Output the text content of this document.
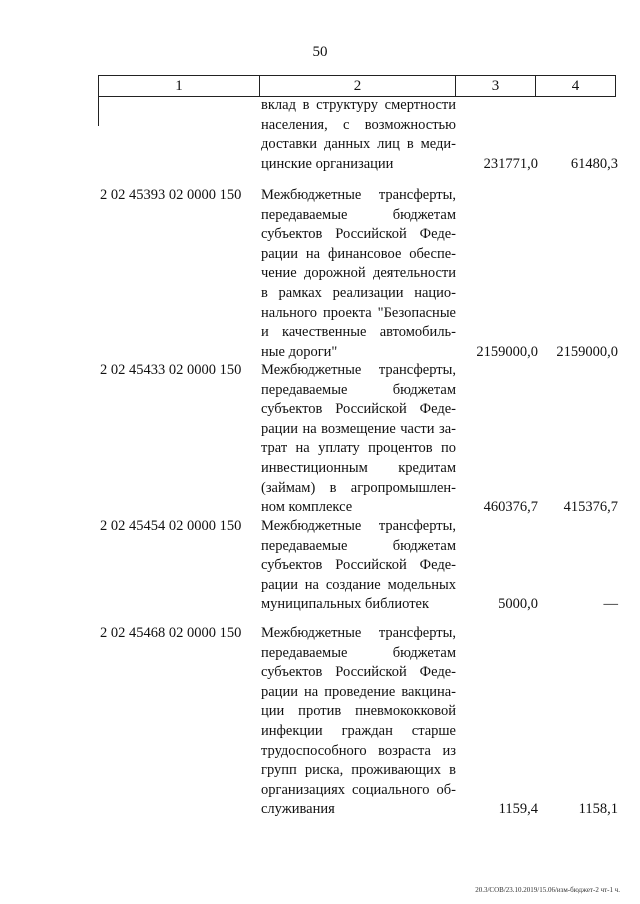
50
1	2	3	4
вклад в структуру смертности
населения, с возможностью
доставки данных лиц в меди-
цинские организации	231771,0 61480,3
2 02 45393 02 0000 150	Межбюджетные трансферты,
передаваемые бюджетам
субъектов Российской Феде-
рации на финансовое обеспе-
чение дорожной деятельности
в рамках реализации нацио-
нального проекта "Безопасные
и качественные автомобиль-
ные дороги"	2159000,0 2159000,0
2 02 45433 02 0000 150	Межбюджетные трансферты,
передаваемые бюджетам
субъектов Российской Феде-
рации на возмещение части за-
трат на уплату процентов по
инвестиционным кредитам
(займам) в агропромышлен-
ном комплексе	460376,7 415376,7
2 02 45454 02 0000 150	Межбюджетные трансферты,
передаваемые бюджетам
субъектов Российской Феде-
рации на создание модельных
муниципальных библиотек	5000,0	—
2 02 45468 02 0000 150	Межбюджетные трансферты,
передаваемые бюджетам
субъектов Российской Феде-
рации на проведение вакцина-
ции против пневмококковой
инфекции граждан старше
трудоспособного возраста из
групп риска, проживающих в
организациях социального об-
служивания	1159,4	1158,1
20.3/СОВ/23.10.2019/15.06/изм-бюджет-2 чт-1 ч.
